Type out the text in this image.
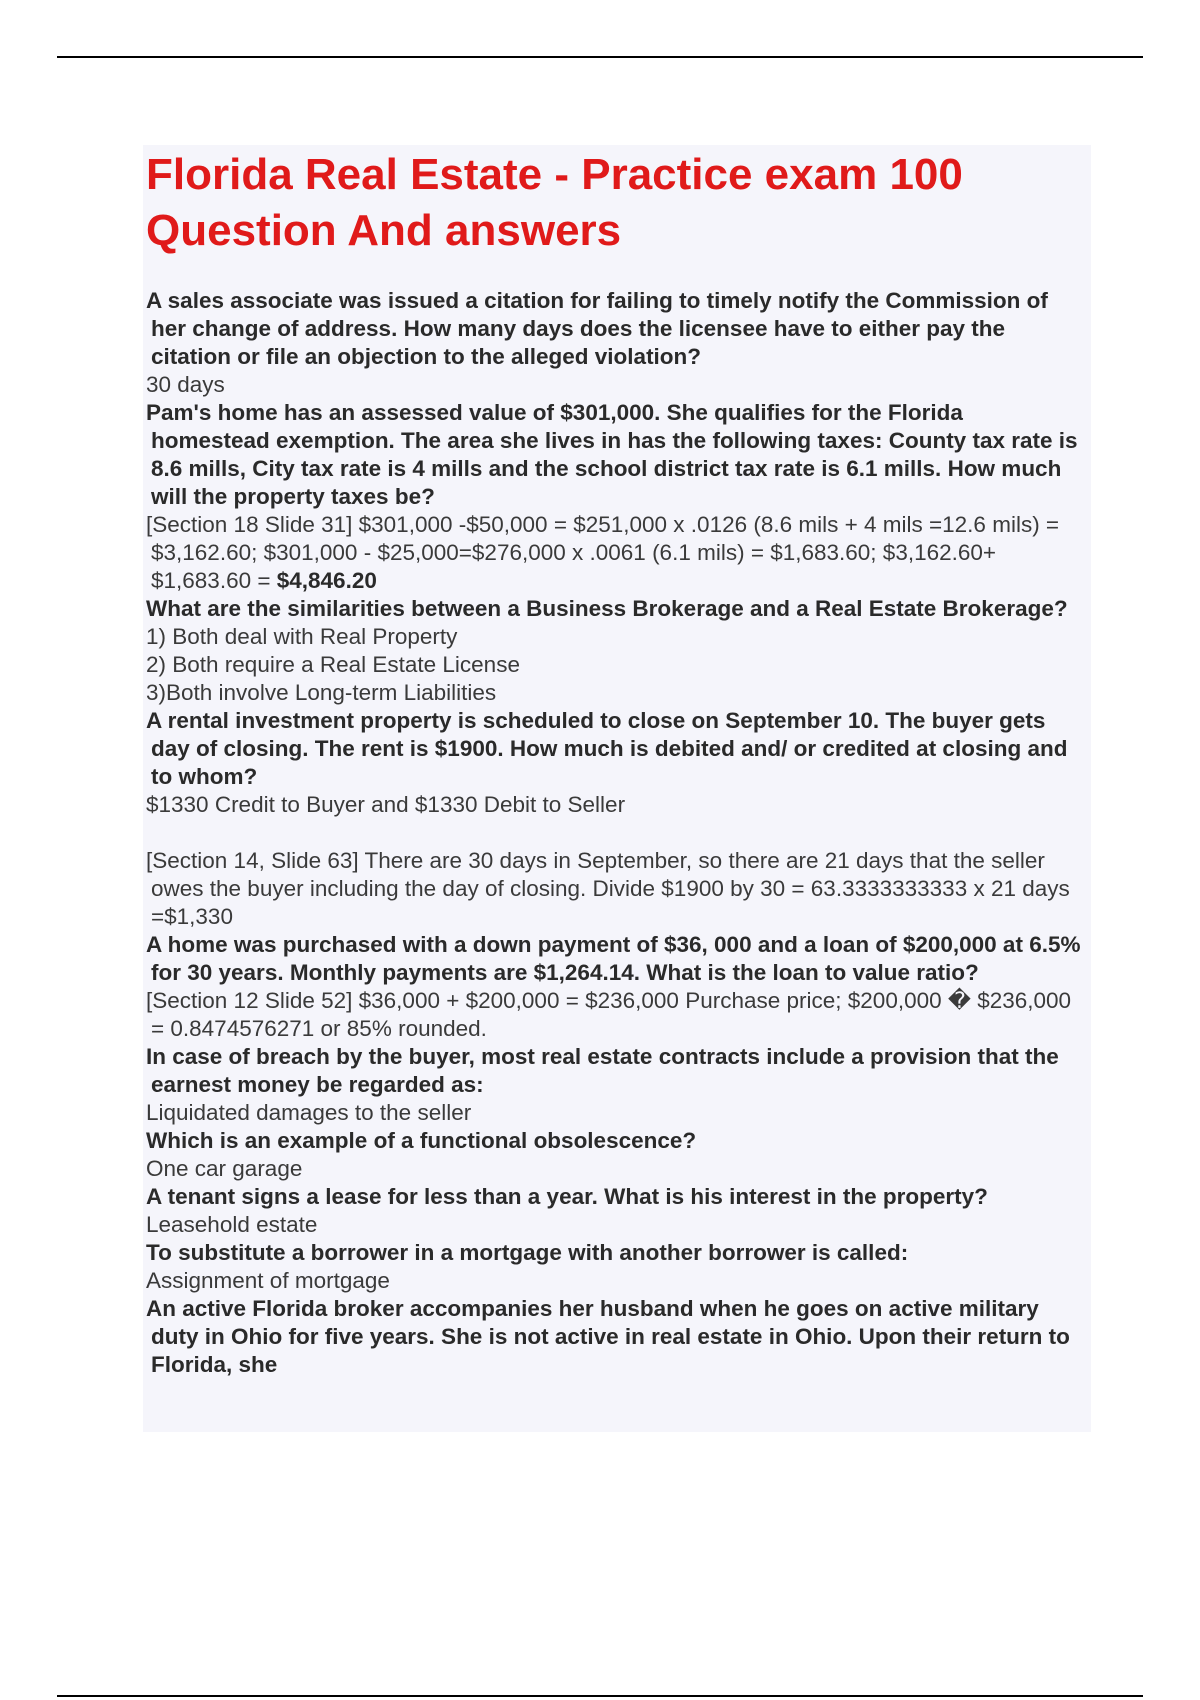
Florida Real Estate - Practice exam 100 Question And answers

A sales associate was issued a citation for failing to timely notify the Commission of her change of address. How many days does the licensee have to either pay the citation or file an objection to the alleged violation?

30 days

Pam's home has an assessed value of $301,000. She qualifies for the Florida homestead exemption. The area she lives in has the following taxes: County tax rate is 8.6 mills, City tax rate is 4 mills and the school district tax rate is 6.1 mills. How much will the property taxes be?

[Section 18 Slide 31] $301,000 -$50,000 = $251,000 x .0126 (8.6 mils + 4 mils =12.6 mils) = $3,162.60; $301,000 - $25,000=$276,000 x .0061 (6.1 mils) = $1,683.60; $3,162.60+ $1,683.60 = $4,846.20

What are the similarities between a Business Brokerage and a Real Estate Brokerage?

1) Both deal with Real Property

2) Both require a Real Estate License

3)Both involve Long-term Liabilities

A rental investment property is scheduled to close on September 10. The buyer gets day of closing. The rent is $1900. How much is debited and/ or credited at closing and to whom?

$1330 Credit to Buyer and $1330 Debit to Seller

[Section 14, Slide 63] There are 30 days in September, so there are 21 days that the seller owes the buyer including the day of closing. Divide $1900 by 30 = 63.3333333333 x 21 days =$1,330

A home was purchased with a down payment of $36, 000 and a loan of $200,000 at 6.5% for 30 years. Monthly payments are $1,264.14. What is the loan to value ratio?

[Section 12 Slide 52] $36,000 + $200,000 = $236,000 Purchase price; $200,000 � $236,000 = 0.8474576271 or 85% rounded.

In case of breach by the buyer, most real estate contracts include a provision that the earnest money be regarded as:

Liquidated damages to the seller

Which is an example of a functional obsolescence?

One car garage

A tenant signs a lease for less than a year. What is his interest in the property?

Leasehold estate

To substitute a borrower in a mortgage with another borrower is called:

Assignment of mortgage

An active Florida broker accompanies her husband when he goes on active military duty in Ohio for five years. She is not active in real estate in Ohio. Upon their return to Florida, she
